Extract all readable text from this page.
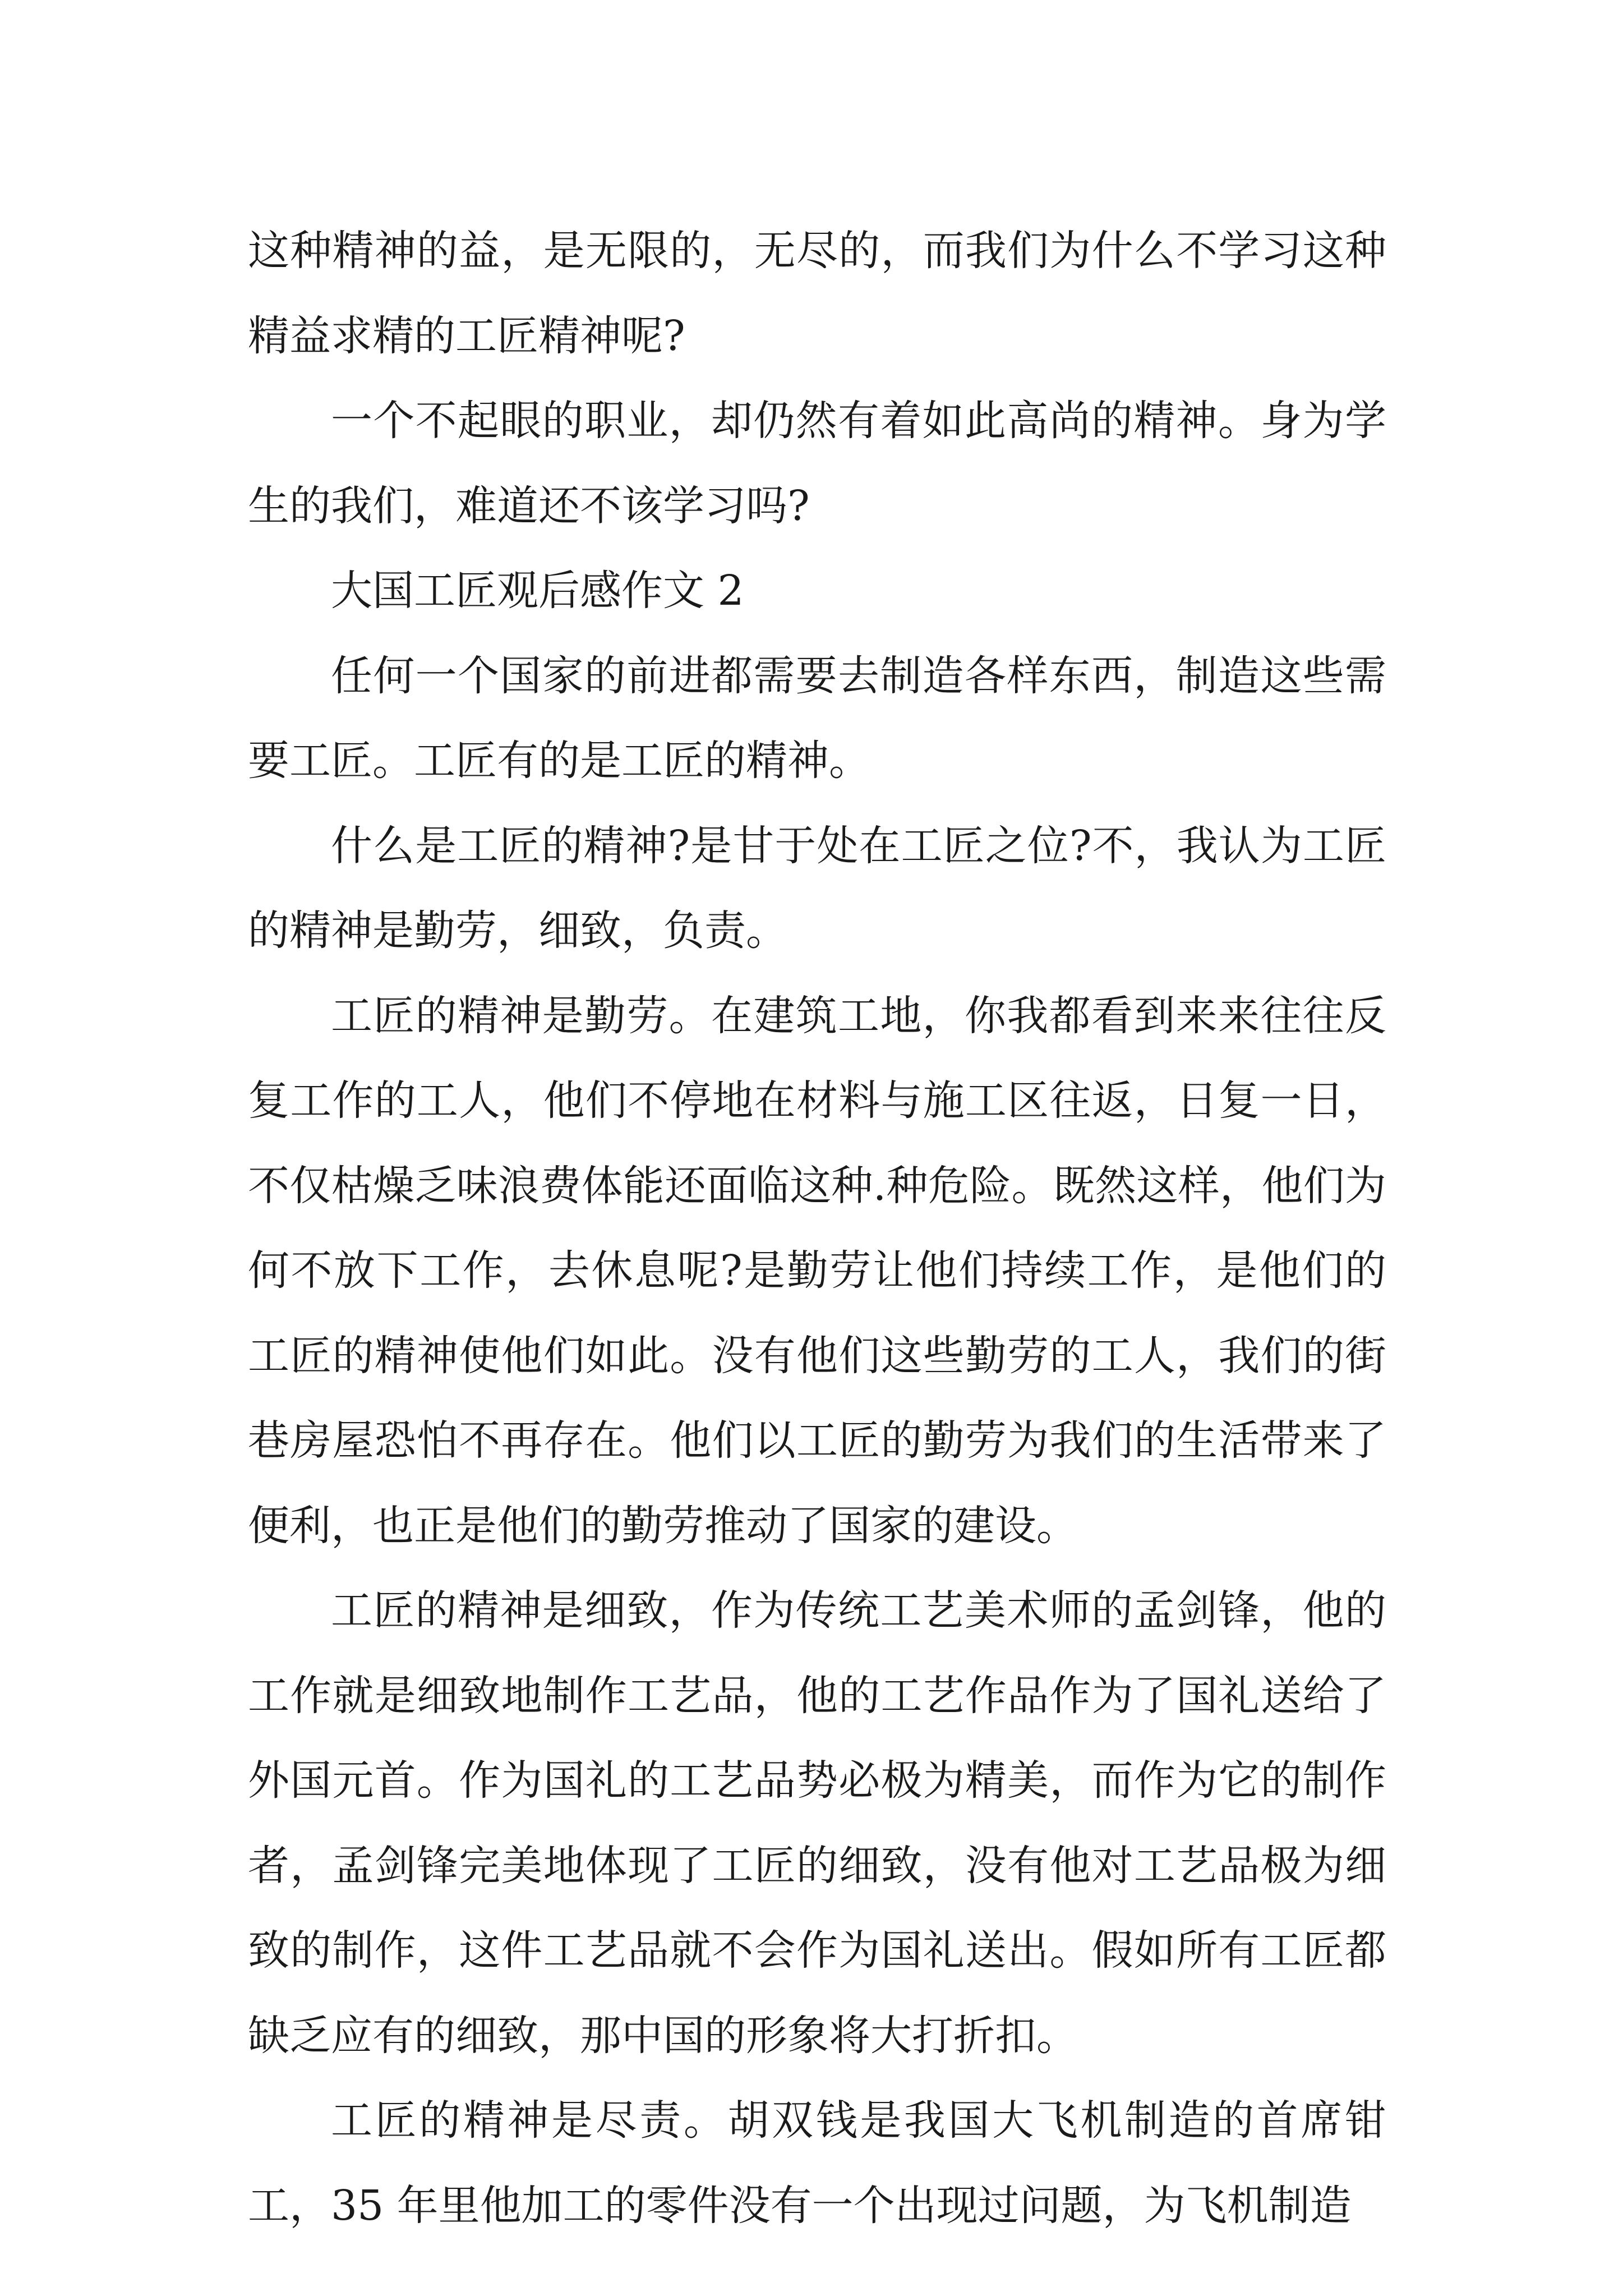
这种精神的益，是无限的，无尽的，而我们为什么不学习这种精益求精的工匠精神呢?

一个不起眼的职业，却仍然有着如此高尚的精神。身为学生的我们，难道还不该学习吗?

大国工匠观后感作文 2

任何一个国家的前进都需要去制造各样东西，制造这些需要工匠。工匠有的是工匠的精神。

什么是工匠的精神?是甘于处在工匠之位?不，我认为工匠的精神是勤劳，细致，负责。

工匠的精神是勤劳。在建筑工地，你我都看到来来往往反复工作的工人，他们不停地在材料与施工区往返，日复一日，不仅枯燥乏味浪费体能还面临这种.种危险。既然这样，他们为何不放下工作，去休息呢?是勤劳让他们持续工作，是他们的工匠的精神使他们如此。没有他们这些勤劳的工人，我们的街巷房屋恐怕不再存在。他们以工匠的勤劳为我们的生活带来了便利，也正是他们的勤劳推动了国家的建设。

工匠的精神是细致，作为传统工艺美术师的孟剑锋，他的工作就是细致地制作工艺品，他的工艺作品作为了国礼送给了外国元首。作为国礼的工艺品势必极为精美，而作为它的制作者，孟剑锋完美地体现了工匠的细致，没有他对工艺品极为细致的制作，这件工艺品就不会作为国礼送出。假如所有工匠都缺乏应有的细致，那中国的形象将大打折扣。

工匠的精神是尽责。胡双钱是我国大飞机制造的首席钳工，35 年里他加工的零件没有一个出现过问题，为飞机制造
